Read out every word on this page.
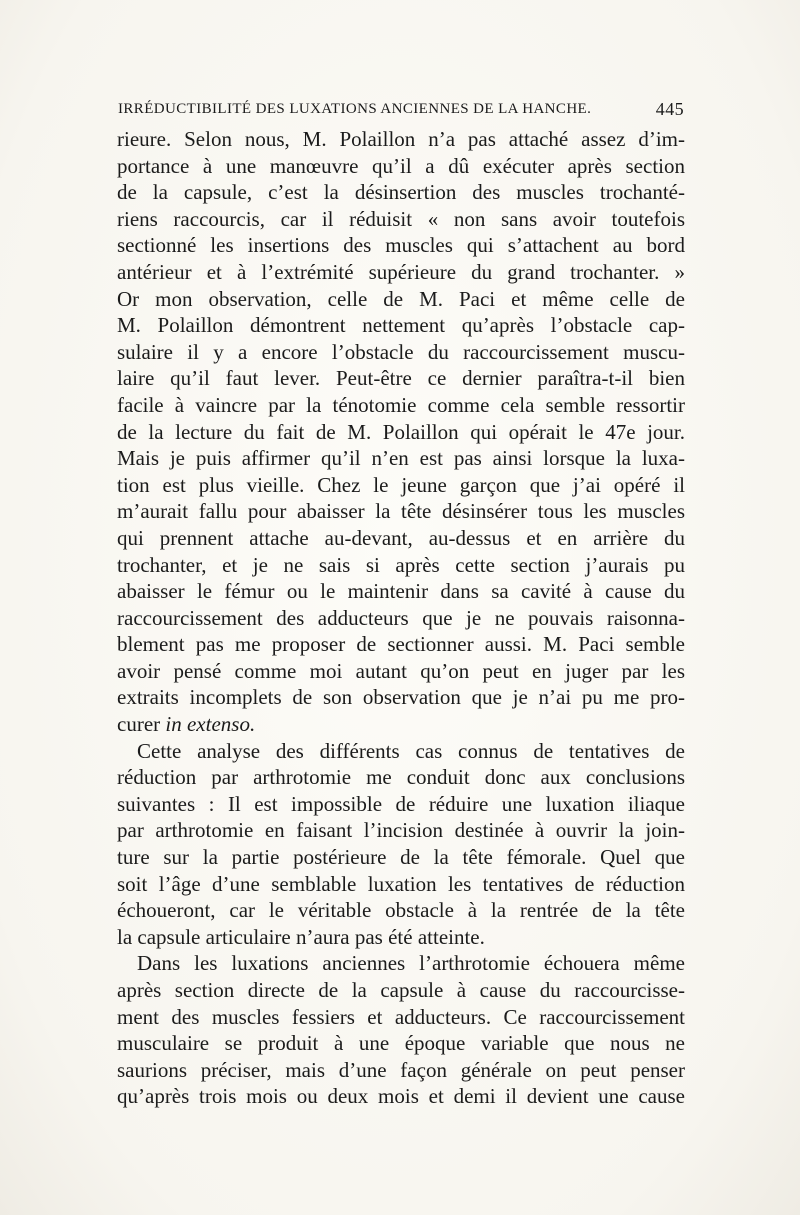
IRRÉDUCTIBILITÉ DES LUXATIONS ANCIENNES DE LA HANCHE.	445
rieure. Selon nous, M. Polaillon n’a pas attaché assez d’im-
portance à une manœuvre qu’il a dû exécuter après section
de la capsule, c’est la désinsertion des muscles trochanté-
riens raccourcis, car il réduisit « non sans avoir toutefois
sectionné les insertions des muscles qui s’attachent au bord
antérieur et à l’extrémité supérieure du grand trochanter. »
Or mon observation, celle de M. Paci et même celle de
M. Polaillon démontrent nettement qu’après l’obstacle cap-
sulaire il y a encore l’obstacle du raccourcissement muscu-
laire qu’il faut lever. Peut-être ce dernier paraîtra-t-il bien
facile à vaincre par la ténotomie comme cela semble ressortir
de la lecture du fait de M. Polaillon qui opérait le 47e jour.
Mais je puis affirmer qu’il n’en est pas ainsi lorsque la luxa-
tion est plus vieille. Chez le jeune garçon que j’ai opéré il
m’aurait fallu pour abaisser la tête désinsérer tous les muscles
qui prennent attache au-devant, au-dessus et en arrière du
trochanter, et je ne sais si après cette section j’aurais pu
abaisser le fémur ou le maintenir dans sa cavité à cause du
raccourcissement des adducteurs que je ne pouvais raisonna-
blement pas me proposer de sectionner aussi. M. Paci semble
avoir pensé comme moi autant qu’on peut en juger par les
extraits incomplets de son observation que je n’ai pu me pro-
curer in extenso.
Cette analyse des différents cas connus de tentatives de
réduction par arthrotomie me conduit donc aux conclusions
suivantes : Il est impossible de réduire une luxation iliaque
par arthrotomie en faisant l’incision destinée à ouvrir la join-
ture sur la partie postérieure de la tête fémorale. Quel que
soit l’âge d’une semblable luxation les tentatives de réduction
échoueront, car le véritable obstacle à la rentrée de la tête
la capsule articulaire n’aura pas été atteinte.
Dans les luxations anciennes l’arthrotomie échouera même
après section directe de la capsule à cause du raccourcisse-
ment des muscles fessiers et adducteurs. Ce raccourcissement
musculaire se produit à une époque variable que nous ne
saurions préciser, mais d’une façon générale on peut penser
qu’après trois mois ou deux mois et demi il devient une cause
